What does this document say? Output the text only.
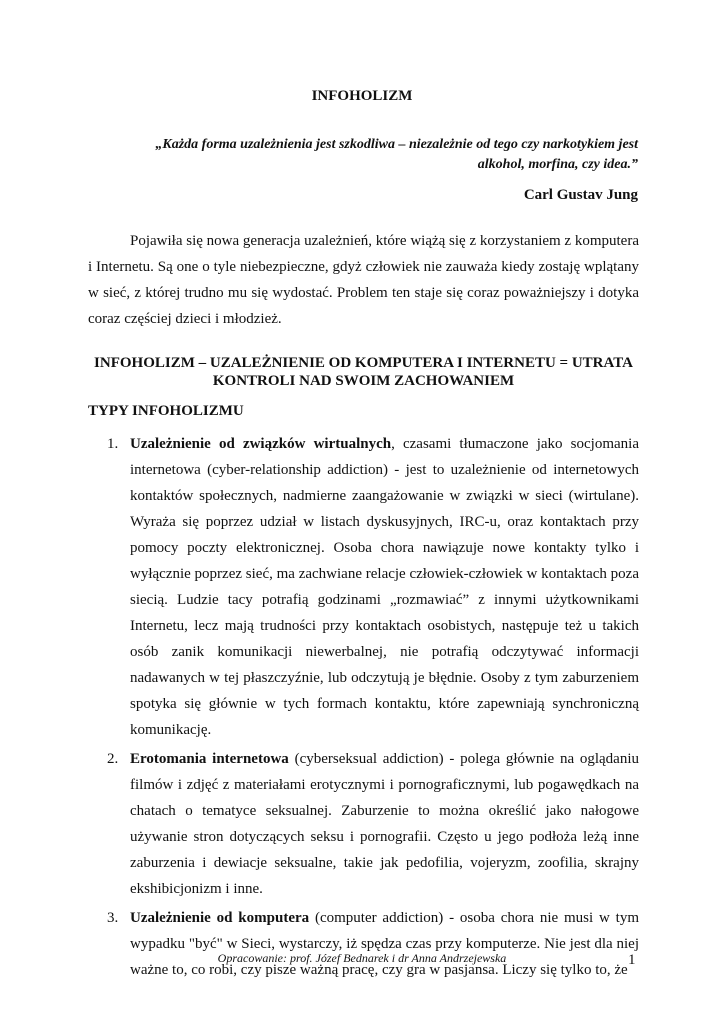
INFOHOLIZM
„Każda forma uzależnienia jest szkodliwa – niezależnie od tego czy narkotykiem jest
alkohol, morfina, czy idea.”
Carl Gustav Jung

Pojawiła się nowa generacja uzależnień, które wiążą się z korzystaniem z komputera i Internetu. Są one o tyle niebezpieczne, gdyż człowiek nie zauważa kiedy zostaję wplątany w sieć, z której trudno mu się wydostać. Problem ten staje się coraz poważniejszy i dotyka coraz częściej dzieci i młodzież.

INFOHOLIZM – UZALEŻNIENIE OD KOMPUTERA I INTERNETU = UTRATA
KONTROLI NAD SWOIM ZACHOWANIEM
TYPY INFOHOLIZMU
1. Uzależnienie od związków wirtualnych, czasami tłumaczone jako socjomania internetowa (cyber-relationship addiction) - jest to uzależnienie od internetowych kontaktów społecznych, nadmierne zaangażowanie w związki w sieci (wirtulane). Wyraża się poprzez udział w listach dyskusyjnych, IRC-u, oraz kontaktach przy pomocy poczty elektronicznej. Osoba chora nawiązuje nowe kontakty tylko i wyłącznie poprzez sieć, ma zachwiane relacje człowiek-człowiek w kontaktach poza siecią. Ludzie tacy potrafią godzinami „rozmawiać” z innymi użytkownikami Internetu, lecz mają trudności przy kontaktach osobistych, następuje też u takich osób zanik komunikacji niewerbalnej, nie potrafią odczytywać informacji nadawanych w tej płaszczyźnie, lub odczytują je błędnie. Osoby z tym zaburzeniem spotyka się głównie w tych formach kontaktu, które zapewniają synchroniczną komunikację.
2. Erotomania internetowa (cyberseksual addiction) - polega głównie na oglądaniu filmów i zdjęć z materiałami erotycznymi i pornograficznymi, lub pogawędkach na chatach o tematyce seksualnej. Zaburzenie to można określić jako nałogowe używanie stron dotyczących seksu i pornografii. Często u jego podłoża leżą inne zaburzenia i dewiacje seksualne, takie jak pedofilia, vojeryzm, zoofilia, skrajny ekshibicjonizm i inne.
3. Uzależnienie od komputera (computer addiction) - osoba chora nie musi w tym wypadku "być" w Sieci, wystarczy, iż spędza czas przy komputerze. Nie jest dla niej ważne to, co robi, czy pisze ważną pracę, czy gra w pasjansa. Liczy się tylko to, że
Opracowanie: prof. Józef Bednarek i dr Anna Andrzejewska	1
